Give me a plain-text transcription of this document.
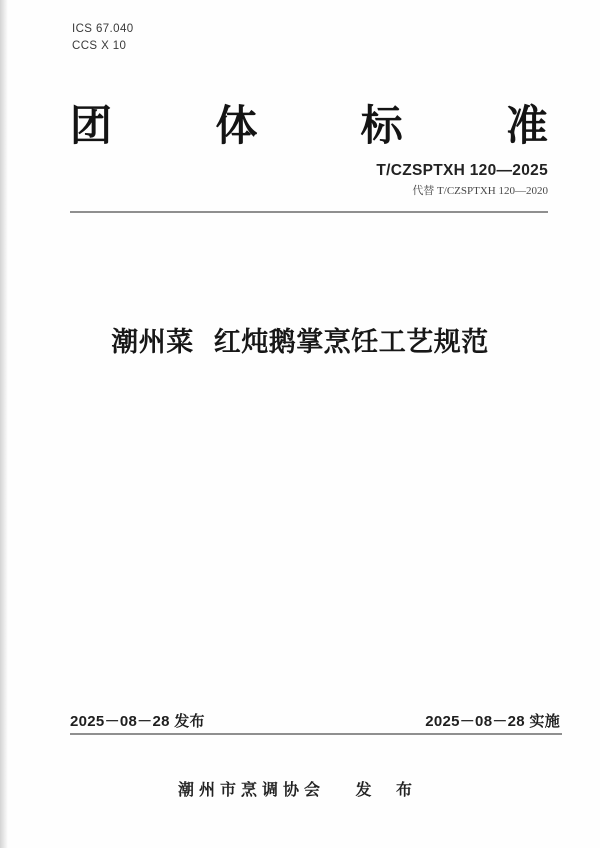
ICS 67.040
CCS X 10
团 体 标 准
T/CZSPTXH 120—2025
代替 T/CZSPTXH 120—2020
潮州菜 红炖鹅掌烹饪工艺规范
2025－08－28 发布	2025－08－28 实施
潮州市烹调协会 发 布
